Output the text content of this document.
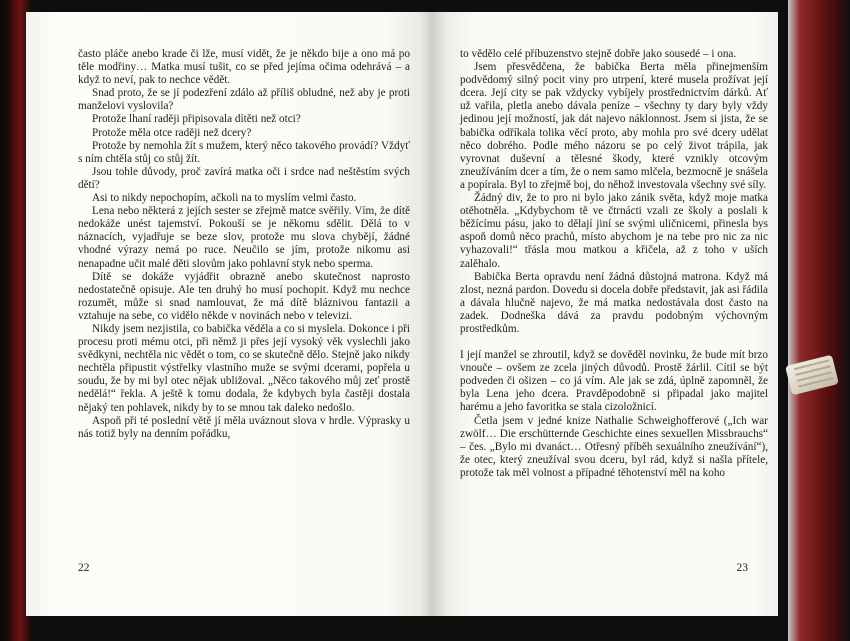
často pláče anebo krade či lže, musí vidět, že je někdo bije a ono má po těle modřiny… Matka musí tušit, co se před jejíma očima odehrává – a když to neví, pak to nechce vědět.

Snad proto, že se jí podezření zdálo až příliš obludné, než aby je proti manželovi vyslovila?

Protože lhaní raději připisovala dítěti než otci?

Protože měla otce raději než dcery?

Protože by nemohla žít s mužem, který něco takového provádí? Vždyť s ním chtěla stůj co stůj žít.

Jsou tohle důvody, proč zavírá matka oči i srdce nad neštěstím svých dětí?

Asi to nikdy nepochopím, ačkoli na to myslím velmi často.

Lena nebo některá z jejích sester se zřejmě matce svěřily. Vím, že dítě nedokáže unést tajemství. Pokouší se je někomu sdělit. Dělá to v náznacích, vyjadřuje se beze slov, protože mu slova chybějí, žádné vhodné výrazy nemá po ruce. Neučilo se jím, protože nikomu asi nenapadne učit malé děti slovům jako pohlavní styk nebo sperma.

Dítě se dokáže vyjádřit obrazně anebo skutečnost naprosto nedostatečně opisuje. Ale ten druhý ho musí pochopit. Když mu nechce rozumět, může si snad namlouvat, že má dítě bláznivou fantazii a vztahuje na sebe, co vidělo někde v novinách nebo v televizi.

Nikdy jsem nezjistila, co babička věděla a co si myslela. Dokonce i při procesu proti mému otci, při němž ji přes její vysoký věk vyslechli jako svědkyni, nechtěla nic vědět o tom, co se skutečně dělo. Stejně jako nikdy nechtěla připustit výstřelky vlastního muže se svými dcerami, popřela u soudu, že by mi byl otec nějak ubližoval. „Něco takového můj zeť prostě nedělá!“ řekla. A ještě k tomu dodala, že kdybych byla častěji dostala nějaký ten pohlavek, nikdy by to se mnou tak daleko nedošlo.

Aspoň při té poslední větě jí měla uváznout slova v hrdle. Výprasky u nás totiž byly na denním pořádku,

22

to vědělo celé příbuzenstvo stejně dobře jako sousedé – i ona.

Jsem přesvědčena, že babička Berta měla přinejmenším podvědomý silný pocit viny pro utrpení, které musela prožívat její dcera. Její city se pak vždycky vybíjely prostřednictvím dárků. Ať už vařila, pletla anebo dávala peníze – všechny ty dary byly vždy jedinou její možností, jak dát najevo náklonnost. Jsem si jista, že se babička odříkala tolika věcí proto, aby mohla pro své dcery udělat něco dobrého. Podle mého názoru se po celý život trápila, jak vyrovnat duševní a tělesné škody, které vznikly otcovým zneužíváním dcer a tím, že o nem samo mlčela, bezmocně je snášela a popírala. Byl to zřejmě boj, do něhož investovala všechny své síly.

Žádný div, že to pro ni bylo jako zánik světa, když moje matka otěhotněla. „Kdybychom tě ve čtrnácti vzali ze školy a poslali k běžícímu pásu, jako to dělají jiní se svými uličnicemi, přinesla bys aspoň domů něco prachů, místo abychom je na tebe pro nic za nic vyhazovali!“ třásla mou matkou a křičela, až z toho v uších zalěhalo.

Babička Berta opravdu není žádná důstojná matrona. Když má zlost, nezná pardon. Dovedu si docela dobře představit, jak asi řádila a dávala hlučně najevo, že má matka nedostávala dost často na zadek. Dodneška dává za pravdu podobným výchovným prostředkům.

I její manžel se zhroutil, když se dověděl novinku, že bude mít brzo vnouče – ovšem ze zcela jiných důvodů. Prostě žárlil. Cítil se být podveden či ošizen – co já vím. Ale jak se zdá, úplně zapomněl, že byla Lena jeho dcera. Pravděpodobně si připadal jako majitel harému a jeho favoritka se stala cizoložnicí.

Četla jsem v jedné knize Nathalie Schweighofferové („Ich war zwölf… Die erschütternde Geschichte eines sexuellen Missbrauchs“ – čes. „Bylo mi dvanáct… Otřesný příběh sexuálního zneužívání“), že otec, který zneužíval svou dceru, byl rád, když si našla přítele, protože tak měl volnost a případné těhotenství měl na koho

23
